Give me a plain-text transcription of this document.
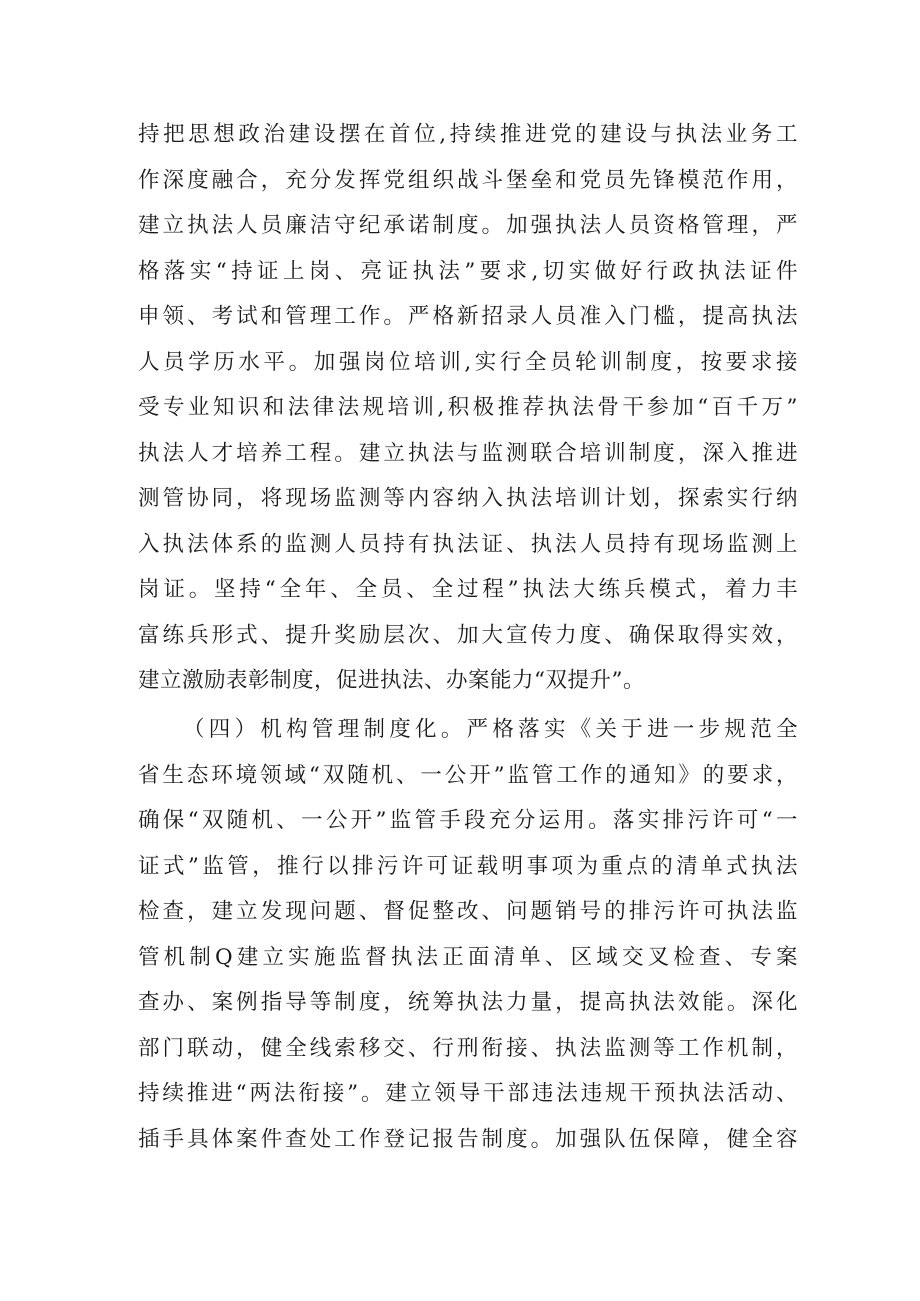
持把思想政治建设摆在首位,持续推进党的建设与执法业务工
作深度融合，充分发挥党组织战斗堡垒和党员先锋模范作用，
建立执法人员廉洁守纪承诺制度。加强执法人员资格管理，严
格落实“持证上岗、亮证执法”要求,切实做好行政执法证件
申领、考试和管理工作。严格新招录人员准入门槛，提高执法
人员学历水平。加强岗位培训,实行全员轮训制度，按要求接
受专业知识和法律法规培训,积极推荐执法骨干参加“百千万”
执法人才培养工程。建立执法与监测联合培训制度，深入推进
测管协同，将现场监测等内容纳入执法培训计划，探索实行纳
入执法体系的监测人员持有执法证、执法人员持有现场监测上
岗证。坚持“全年、全员、全过程”执法大练兵模式，着力丰
富练兵形式、提升奖励层次、加大宣传力度、确保取得实效，
建立激励表彰制度，促进执法、办案能力“双提升”。
（四）机构管理制度化。严格落实《关于进一步规范全
省生态环境领域“双随机、一公开”监管工作的通知》的要求，
确保“双随机、一公开”监管手段充分运用。落实排污许可“一
证式”监管，推行以排污许可证载明事项为重点的清单式执法
检查，建立发现问题、督促整改、问题销号的排污许可执法监
管机制Q建立实施监督执法正面清单、区域交叉检查、专案
查办、案例指导等制度，统筹执法力量，提高执法效能。深化
部门联动，健全线索移交、行刑衔接、执法监测等工作机制，
持续推进“两法衔接”。建立领导干部违法违规干预执法活动、
插手具体案件查处工作登记报告制度。加强队伍保障，健全容
